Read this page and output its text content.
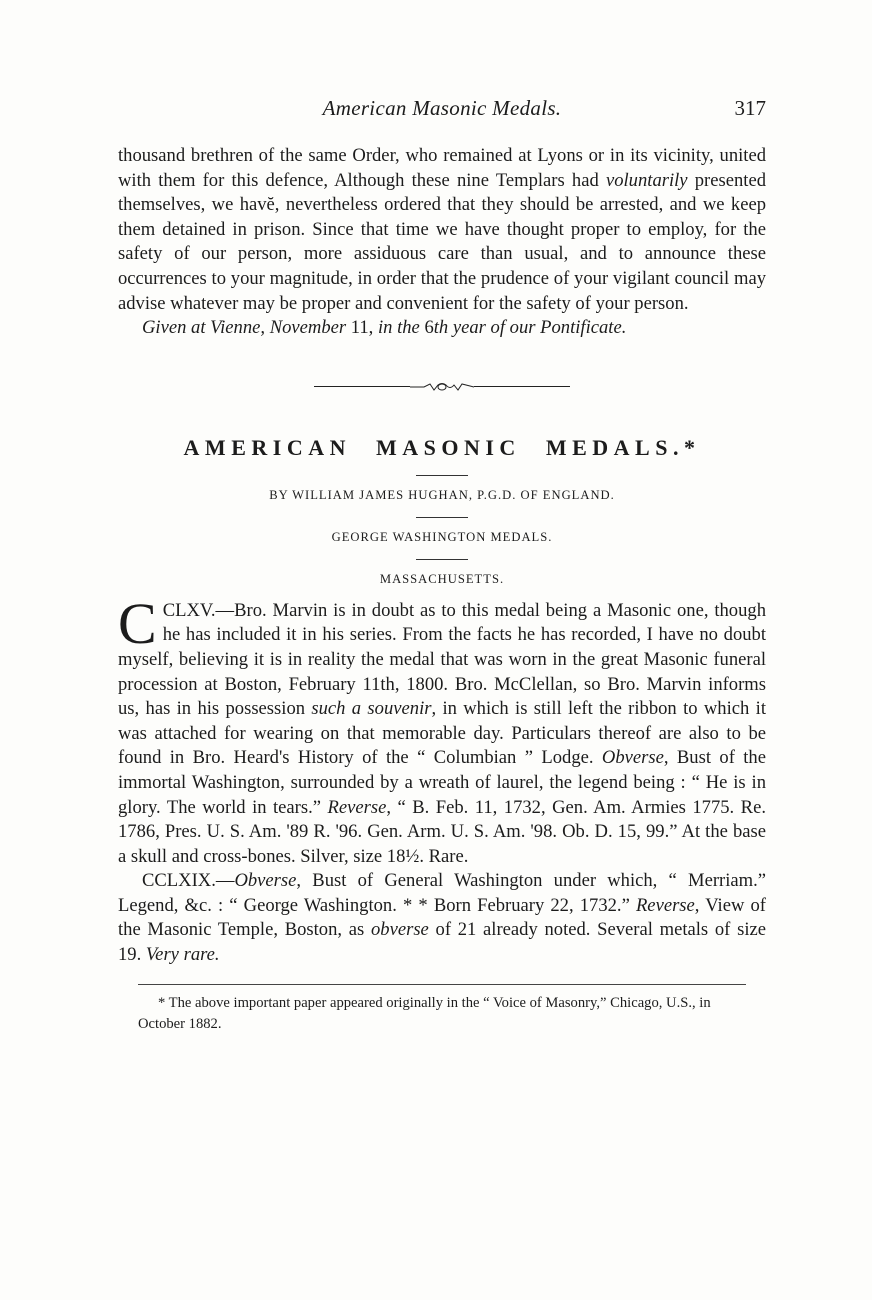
American Masonic Medals.	317

thousand brethren of the same Order, who remained at Lyons or in its vicinity, united with them for this defence, Although these nine Templars had voluntarily presented themselves, we havĕ, nevertheless ordered that they should be arrested, and we keep them detained in prison. Since that time we have thought proper to employ, for the safety of our person, more assiduous care than usual, and to announce these occurrences to your magnitude, in order that the prudence of your vigilant council may advise whatever may be proper and convenient for the safety of your person.

Given at Vienne, November 11, in the 6th year of our Pontificate.

AMERICAN MASONIC MEDALS.*

BY WILLIAM JAMES HUGHAN, P.G.D. OF ENGLAND.

GEORGE WASHINGTON MEDALS.

MASSACHUSETTS.

CCLXV.—Bro. Marvin is in doubt as to this medal being a Masonic one, though he has included it in his series. From the facts he has recorded, I have no doubt myself, believing it is in reality the medal that was worn in the great Masonic funeral procession at Boston, February 11th, 1800. Bro. McClellan, so Bro. Marvin informs us, has in his possession such a souvenir, in which is still left the ribbon to which it was attached for wearing on that memorable day. Particulars thereof are also to be found in Bro. Heard's History of the “ Columbian ” Lodge. Obverse, Bust of the immortal Washington, surrounded by a wreath of laurel, the legend being : “ He is in glory. The world in tears.” Reverse, “ B. Feb. 11, 1732, Gen. Am. Armies 1775. Re. 1786, Pres. U. S. Am. '89 R. '96. Gen. Arm. U. S. Am. '98. Ob. D. 15, 99.” At the base a skull and cross-bones. Silver, size 18½. Rare.

CCLXIX.—Obverse, Bust of General Washington under which, “ Merriam.” Legend, &c. : “ George Washington. * * Born February 22, 1732.” Reverse, View of the Masonic Temple, Boston, as obverse of 21 already noted. Several metals of size 19. Very rare.

* The above important paper appeared originally in the “ Voice of Masonry,” Chicago, U.S., in October 1882.
